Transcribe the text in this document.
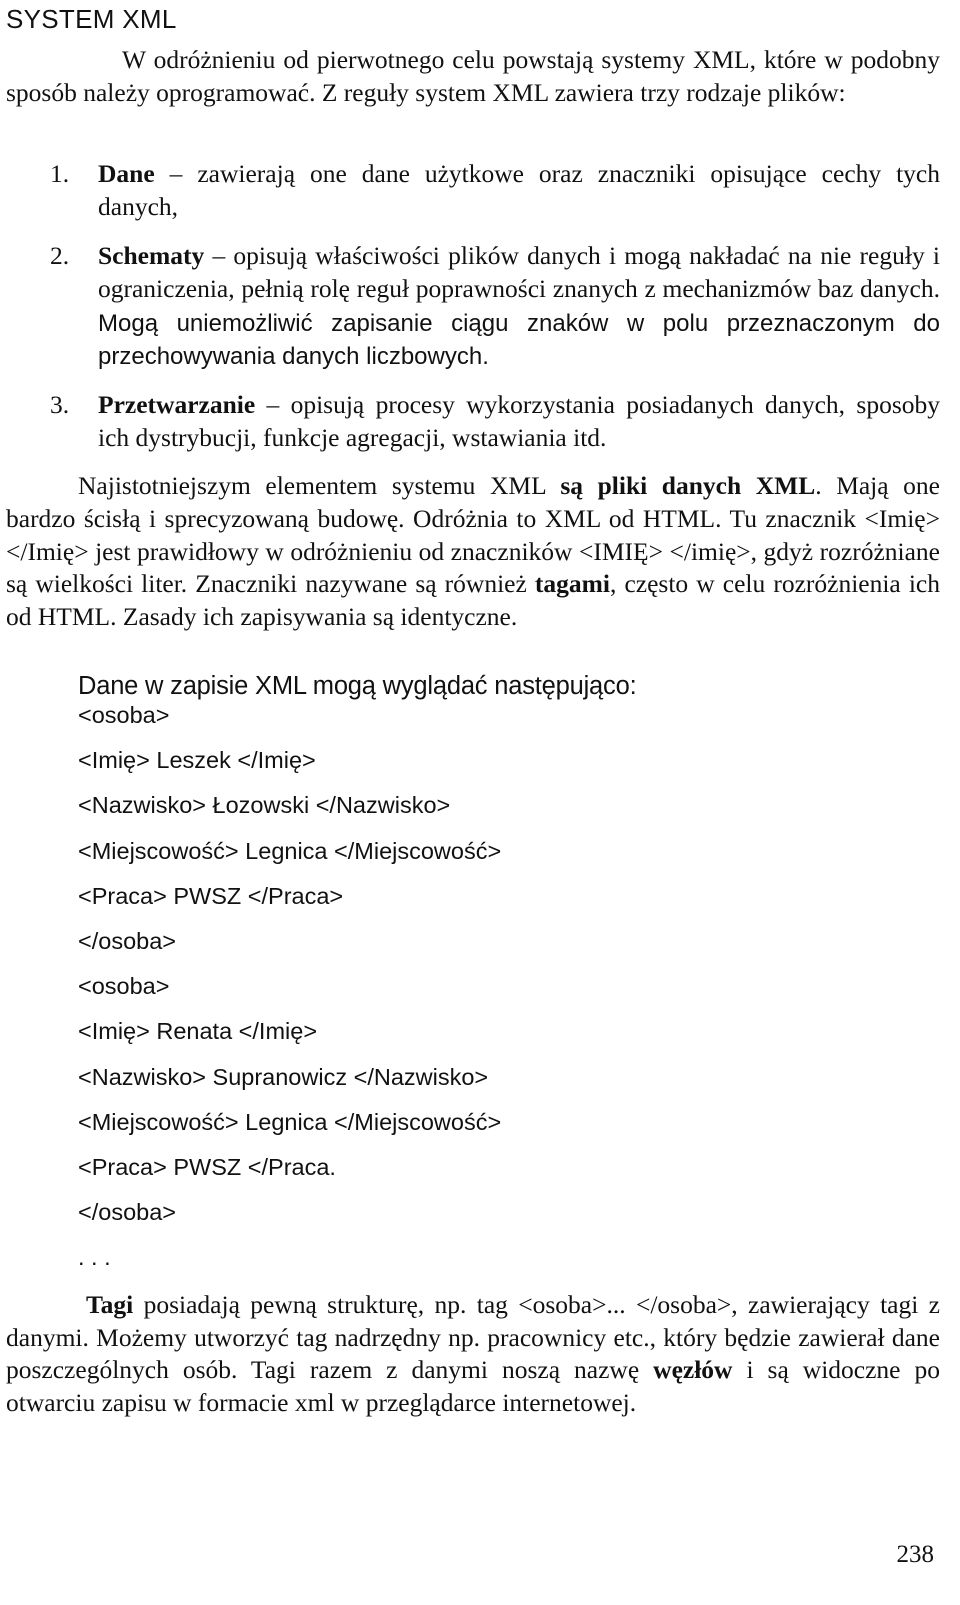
SYSTEM XML
W odróżnieniu od pierwotnego celu powstają systemy XML, które w podobny sposób należy oprogramować. Z reguły system XML zawiera trzy rodzaje plików:
1. Dane – zawierają one dane użytkowe oraz znaczniki opisujące cechy tych danych,
2. Schematy – opisują właściwości plików danych i mogą nakładać na nie reguły i ograniczenia, pełnią rolę reguł poprawności znanych z mechanizmów baz danych. Mogą uniemożliwić zapisanie ciągu znaków w polu przeznaczonym do przechowywania danych liczbowych.
3. Przetwarzanie – opisują procesy wykorzystania posiadanych danych, sposoby ich dystrybucji, funkcje agregacji, wstawiania itd.
Najistotniejszym elementem systemu XML są pliki danych XML. Mają one bardzo ścisłą i sprecyzowaną budowę. Odróżnia to XML od HTML. Tu znacznik <Imię> </Imię> jest prawidłowy w odróżnieniu od znaczników <IMIĘ> </imię>, gdyż rozróżniane są wielkości liter. Znaczniki nazywane są również tagami, często w celu rozróżnienia ich od HTML. Zasady ich zapisywania są identyczne.
Dane w zapisie XML mogą wyglądać następująco:
<osoba>
<Imię> Leszek </Imię>
<Nazwisko> Łozowski </Nazwisko>
<Miejscowość> Legnica </Miejscowość>
<Praca> PWSZ </Praca>
</osoba>
<osoba>
<Imię> Renata </Imię>
<Nazwisko> Supranowicz </Nazwisko>
<Miejscowość> Legnica </Miejscowość>
<Praca> PWSZ </Praca.
</osoba>
. . .
Tagi posiadają pewną strukturę, np. tag <osoba>... </osoba>, zawierający tagi z danymi. Możemy utworzyć tag nadrzędny np. pracownicy etc., który będzie zawierał dane poszczególnych osób. Tagi razem z danymi noszą nazwę węzłów i są widoczne po otwarciu zapisu w formacie xml w przeglądarce internetowej.
238
